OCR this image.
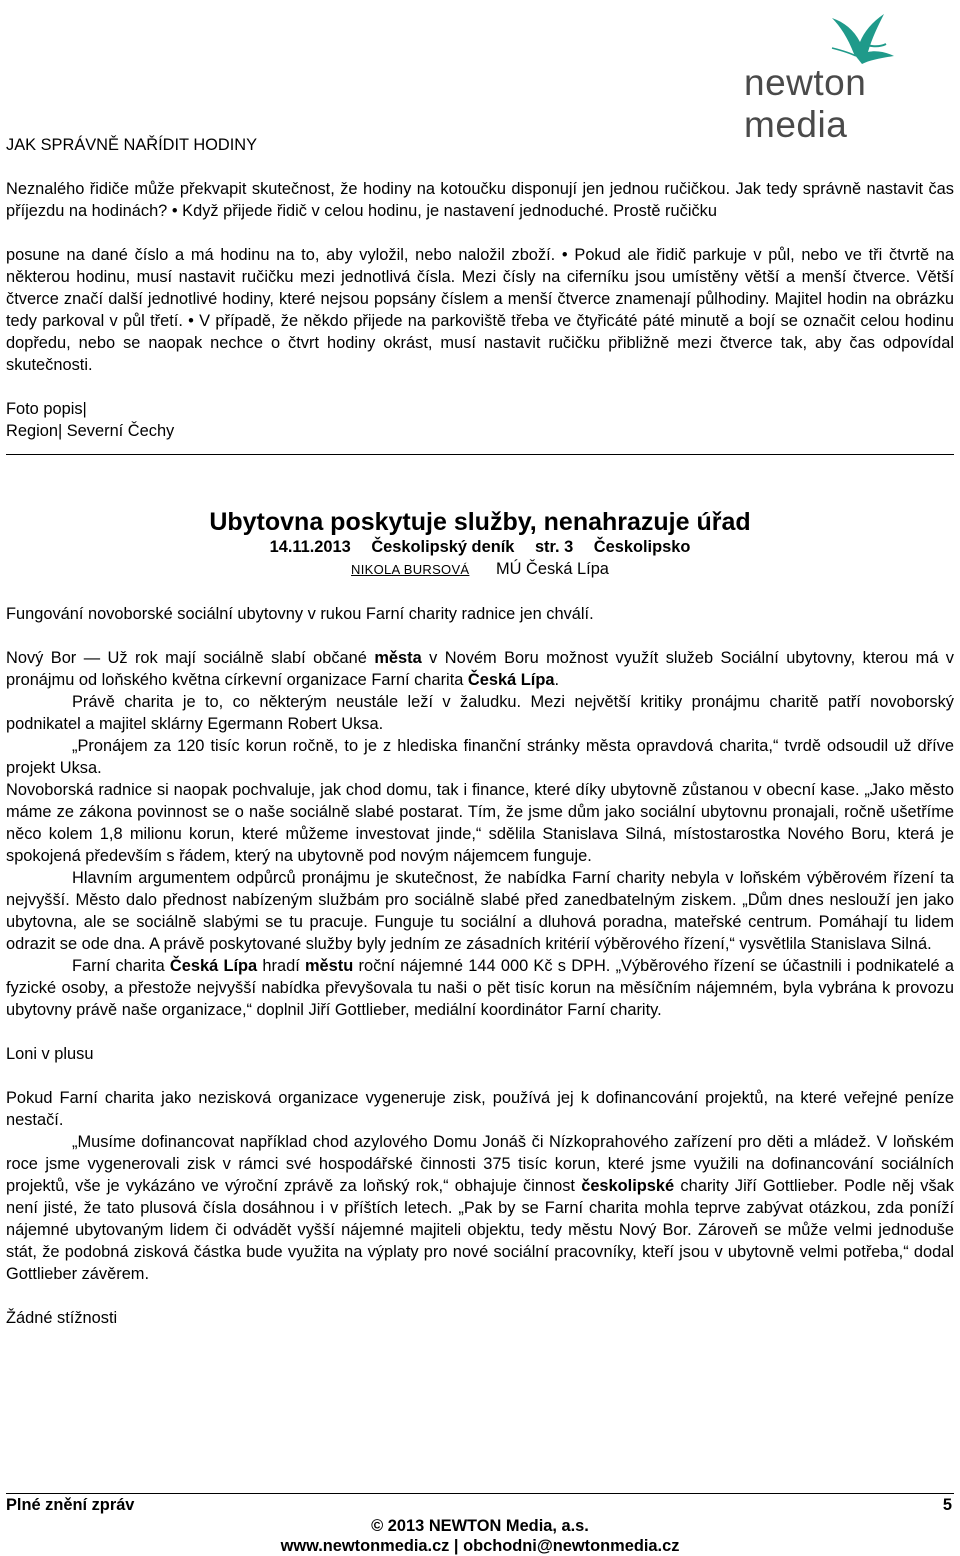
newton media

JAK SPRÁVNĚ NAŘÍDIT HODINY

Neznalého řidiče může překvapit skutečnost, že hodiny na kotoučku disponují jen jednou ručičkou. Jak tedy správně nastavit čas příjezdu na hodinách? • Když přijede řidič v celou hodinu, je nastavení jednoduché. Prostě ručičku

posune na dané číslo a má hodinu na to, aby vyložil, nebo naložil zboží. • Pokud ale řidič parkuje v půl, nebo ve tři čtvrtě na některou hodinu, musí nastavit ručičku mezi jednotlivá čísla. Mezi čísly na ciferníku jsou umístěny větší a menší čtverce. Větší čtverce značí další jednotlivé hodiny, které nejsou popsány číslem a menší čtverce znamenají půlhodiny. Majitel hodin na obrázku tedy parkoval v půl třetí. • V případě, že někdo přijede na parkoviště třeba ve čtyřicáté páté minutě a bojí se označit celou hodinu dopředu, nebo se naopak nechce o čtvrt hodiny okrást, musí nastavit ručičku přibližně mezi čtverce tak, aby čas odpovídal skutečnosti.

Foto popis|

Region| Severní Čechy

Ubytovna poskytuje služby, nenahrazuje úřad
14.11.2013 Českolipský deník str. 3 Českolipsko
NIKOLA BURSOVÁ MÚ Česká Lípa

Fungování novoborské sociální ubytovny v rukou Farní charity radnice jen chválí.

Nový Bor — Už rok mají sociálně slabí občané města v Novém Boru možnost využít služeb Sociální ubytovny, kterou má v pronájmu od loňského května církevní organizace Farní charita Česká Lípa.

Právě charita je to, co některým neustále leží v žaludku. Mezi největší kritiky pronájmu charitě patří novoborský podnikatel a majitel sklárny Egermann Robert Uksa.

„Pronájem za 120 tisíc korun ročně, to je z hlediska finanční stránky města opravdová charita,“ tvrdě odsoudil už dříve projekt Uksa.

Novoborská radnice si naopak pochvaluje, jak chod domu, tak i finance, které díky ubytovně zůstanou v obecní kase. „Jako město máme ze zákona povinnost se o naše sociálně slabé postarat. Tím, že jsme dům jako sociální ubytovnu pronajali, ročně ušetříme něco kolem 1,8 milionu korun, které můžeme investovat jinde,“ sdělila Stanislava Silná, místostarostka Nového Boru, která je spokojená především s řádem, který na ubytovně pod novým nájemcem funguje.

Hlavním argumentem odpůrců pronájmu je skutečnost, že nabídka Farní charity nebyla v loňském výběrovém řízení ta nejvyšší. Město dalo přednost nabízeným službám pro sociálně slabé před zanedbatelným ziskem. „Dům dnes neslouží jen jako ubytovna, ale se sociálně slabými se tu pracuje. Funguje tu sociální a dluhová poradna, mateřské centrum. Pomáhají tu lidem odrazit se ode dna. A právě poskytované služby byly jedním ze zásadních kritérií výběrového řízení,“ vysvětlila Stanislava Silná.

Farní charita Česká Lípa hradí městu roční nájemné 144 000 Kč s DPH. „Výběrového řízení se účastnili i podnikatelé a fyzické osoby, a přestože nejvyšší nabídka převyšovala tu naši o pět tisíc korun na měsíčním nájemném, byla vybrána k provozu ubytovny právě naše organizace,“ doplnil Jiří Gottlieber, mediální koordinátor Farní charity.

Loni v plusu

Pokud Farní charita jako nezisková organizace vygeneruje zisk, používá jej k dofinancování projektů, na které veřejné peníze nestačí.

„Musíme dofinancovat například chod azylového Domu Jonáš či Nízkoprahového zařízení pro děti a mládež. V loňském roce jsme vygenerovali zisk v rámci své hospodářské činnosti 375 tisíc korun, které jsme využili na dofinancování sociálních projektů, vše je vykázáno ve výroční zprávě za loňský rok,“ obhajuje činnost českolipské charity Jiří Gottlieber. Podle něj však není jisté, že tato plusová čísla dosáhnou i v příštích letech. „Pak by se Farní charita mohla teprve zabývat otázkou, zda poníží nájemné ubytovaným lidem či odvádět vyšší nájemné majiteli objektu, tedy městu Nový Bor. Zároveň se může velmi jednoduše stát, že podobná zisková částka bude využita na výplaty pro nové sociální pracovníky, kteří jsou v ubytovně velmi potřeba,“ dodal Gottlieber závěrem.

Žádné stížnosti

Plné znění zpráv	5
© 2013 NEWTON Media, a.s.
www.newtonmedia.cz | obchodni@newtonmedia.cz
